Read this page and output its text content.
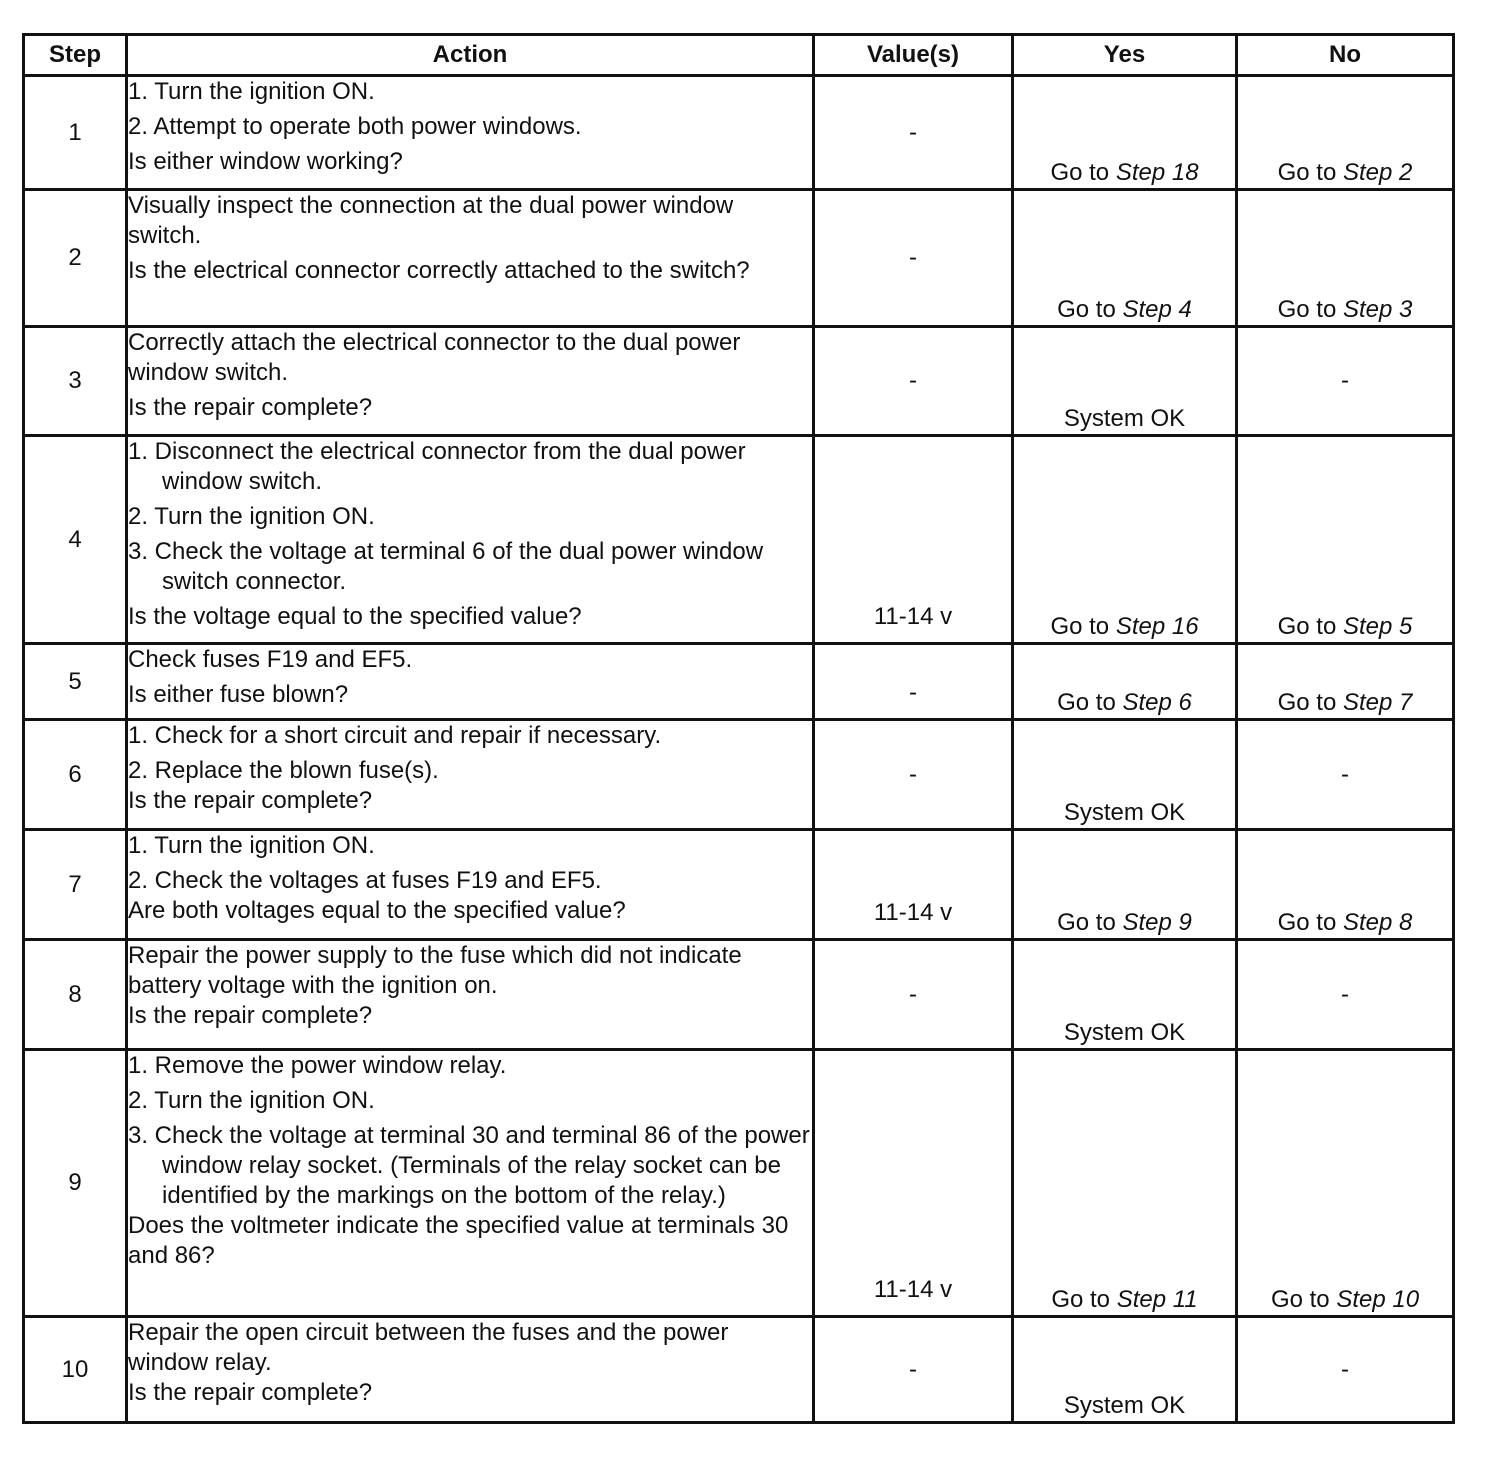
Step	Action	Value(s)	Yes	No
1	1. Turn the ignition ON.
2. Attempt to operate both power windows.
Is either window working?	-	Go to Step 18	Go to Step 2
2	Visually inspect the connection at the dual power window switch.
Is the electrical connector correctly attached to the switch?	-	Go to Step 4	Go to Step 3
3	Correctly attach the electrical connector to the dual power window switch.
Is the repair complete?	-	System OK	-
4	1. Disconnect the electrical connector from the dual power window switch.
2. Turn the ignition ON.
3. Check the voltage at terminal 6 of the dual power window switch connector.
Is the voltage equal to the specified value?	11-14 v	Go to Step 16	Go to Step 5
5	Check fuses F19 and EF5.
Is either fuse blown?	-	Go to Step 6	Go to Step 7
6	1. Check for a short circuit and repair if necessary.
2. Replace the blown fuse(s).
Is the repair complete?	-	System OK	-
7	1. Turn the ignition ON.
2. Check the voltages at fuses F19 and EF5.
Are both voltages equal to the specified value?	11-14 v	Go to Step 9	Go to Step 8
8	Repair the power supply to the fuse which did not indicate battery voltage with the ignition on.
Is the repair complete?	-	System OK	-
9	1. Remove the power window relay.
2. Turn the ignition ON.
3. Check the voltage at terminal 30 and terminal 86 of the power window relay socket. (Terminals of the relay socket can be identified by the markings on the bottom of the relay.)
Does the voltmeter indicate the specified value at terminals 30 and 86?	11-14 v	Go to Step 11	Go to Step 10
10	Repair the open circuit between the fuses and the power window relay.
Is the repair complete?	-	System OK	-
